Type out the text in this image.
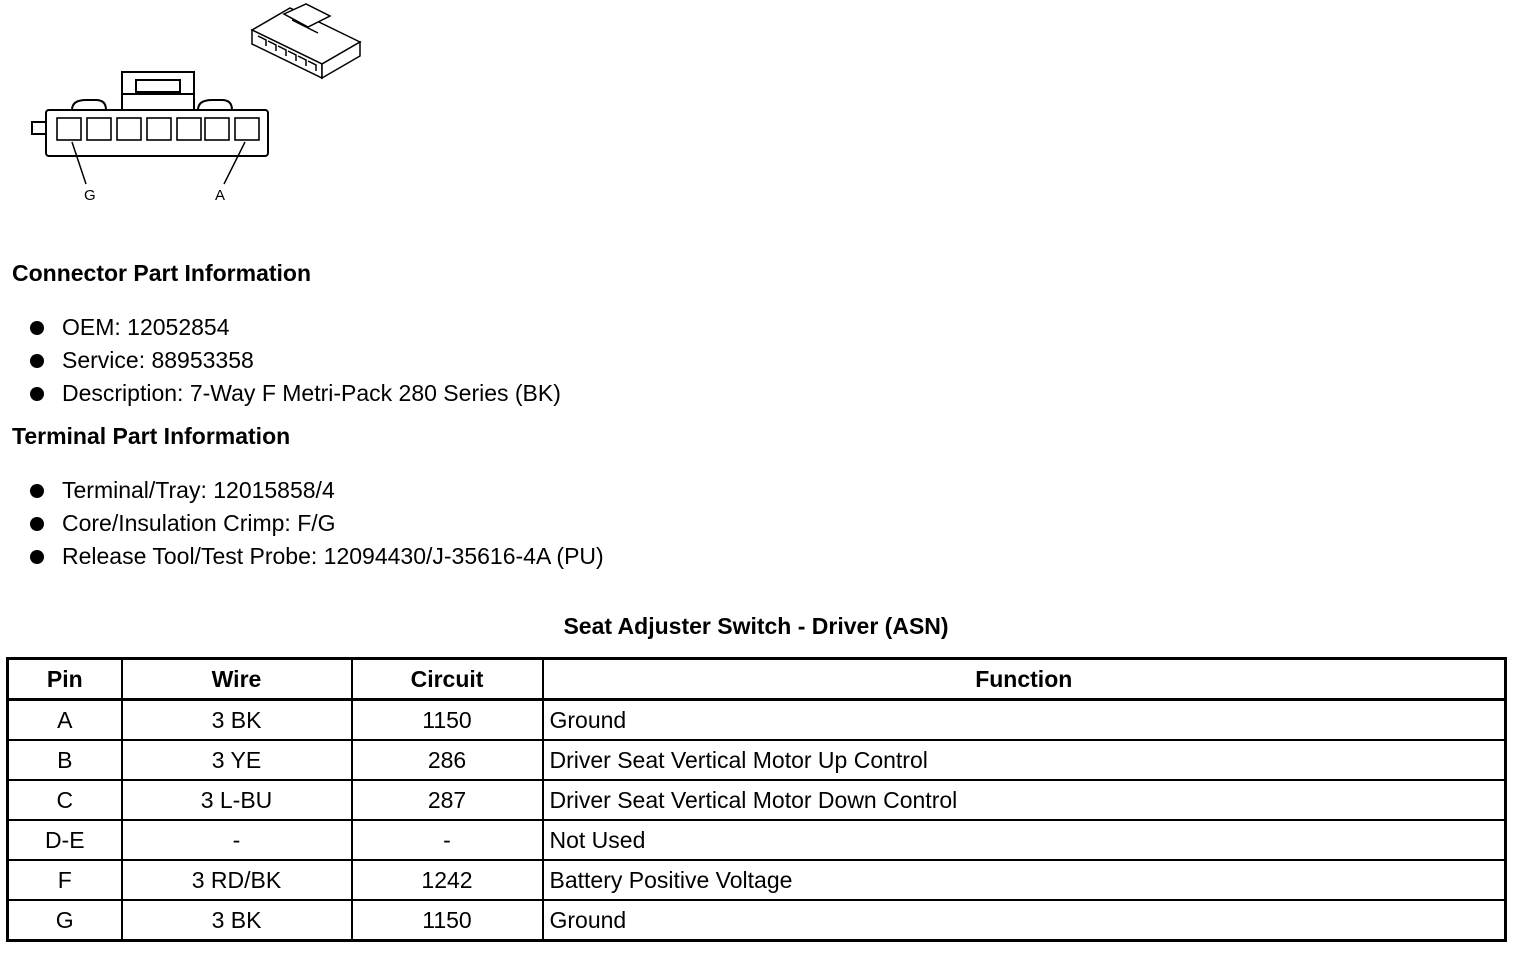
G	A
Connector Part Information
OEM: 12052854
Service: 88953358
Description: 7-Way F Metri-Pack 280 Series (BK)
Terminal Part Information
Terminal/Tray: 12015858/4
Core/Insulation Crimp: F/G
Release Tool/Test Probe: 12094430/J-35616-4A (PU)
Seat Adjuster Switch - Driver (ASN)
Pin	Wire	Circuit	Function
A	3 BK	1150	Ground
B	3 YE	286	Driver Seat Vertical Motor Up Control
C	3 L-BU	287	Driver Seat Vertical Motor Down Control
D-E	-	-	Not Used
F	3 RD/BK	1242	Battery Positive Voltage
G	3 BK	1150	Ground
